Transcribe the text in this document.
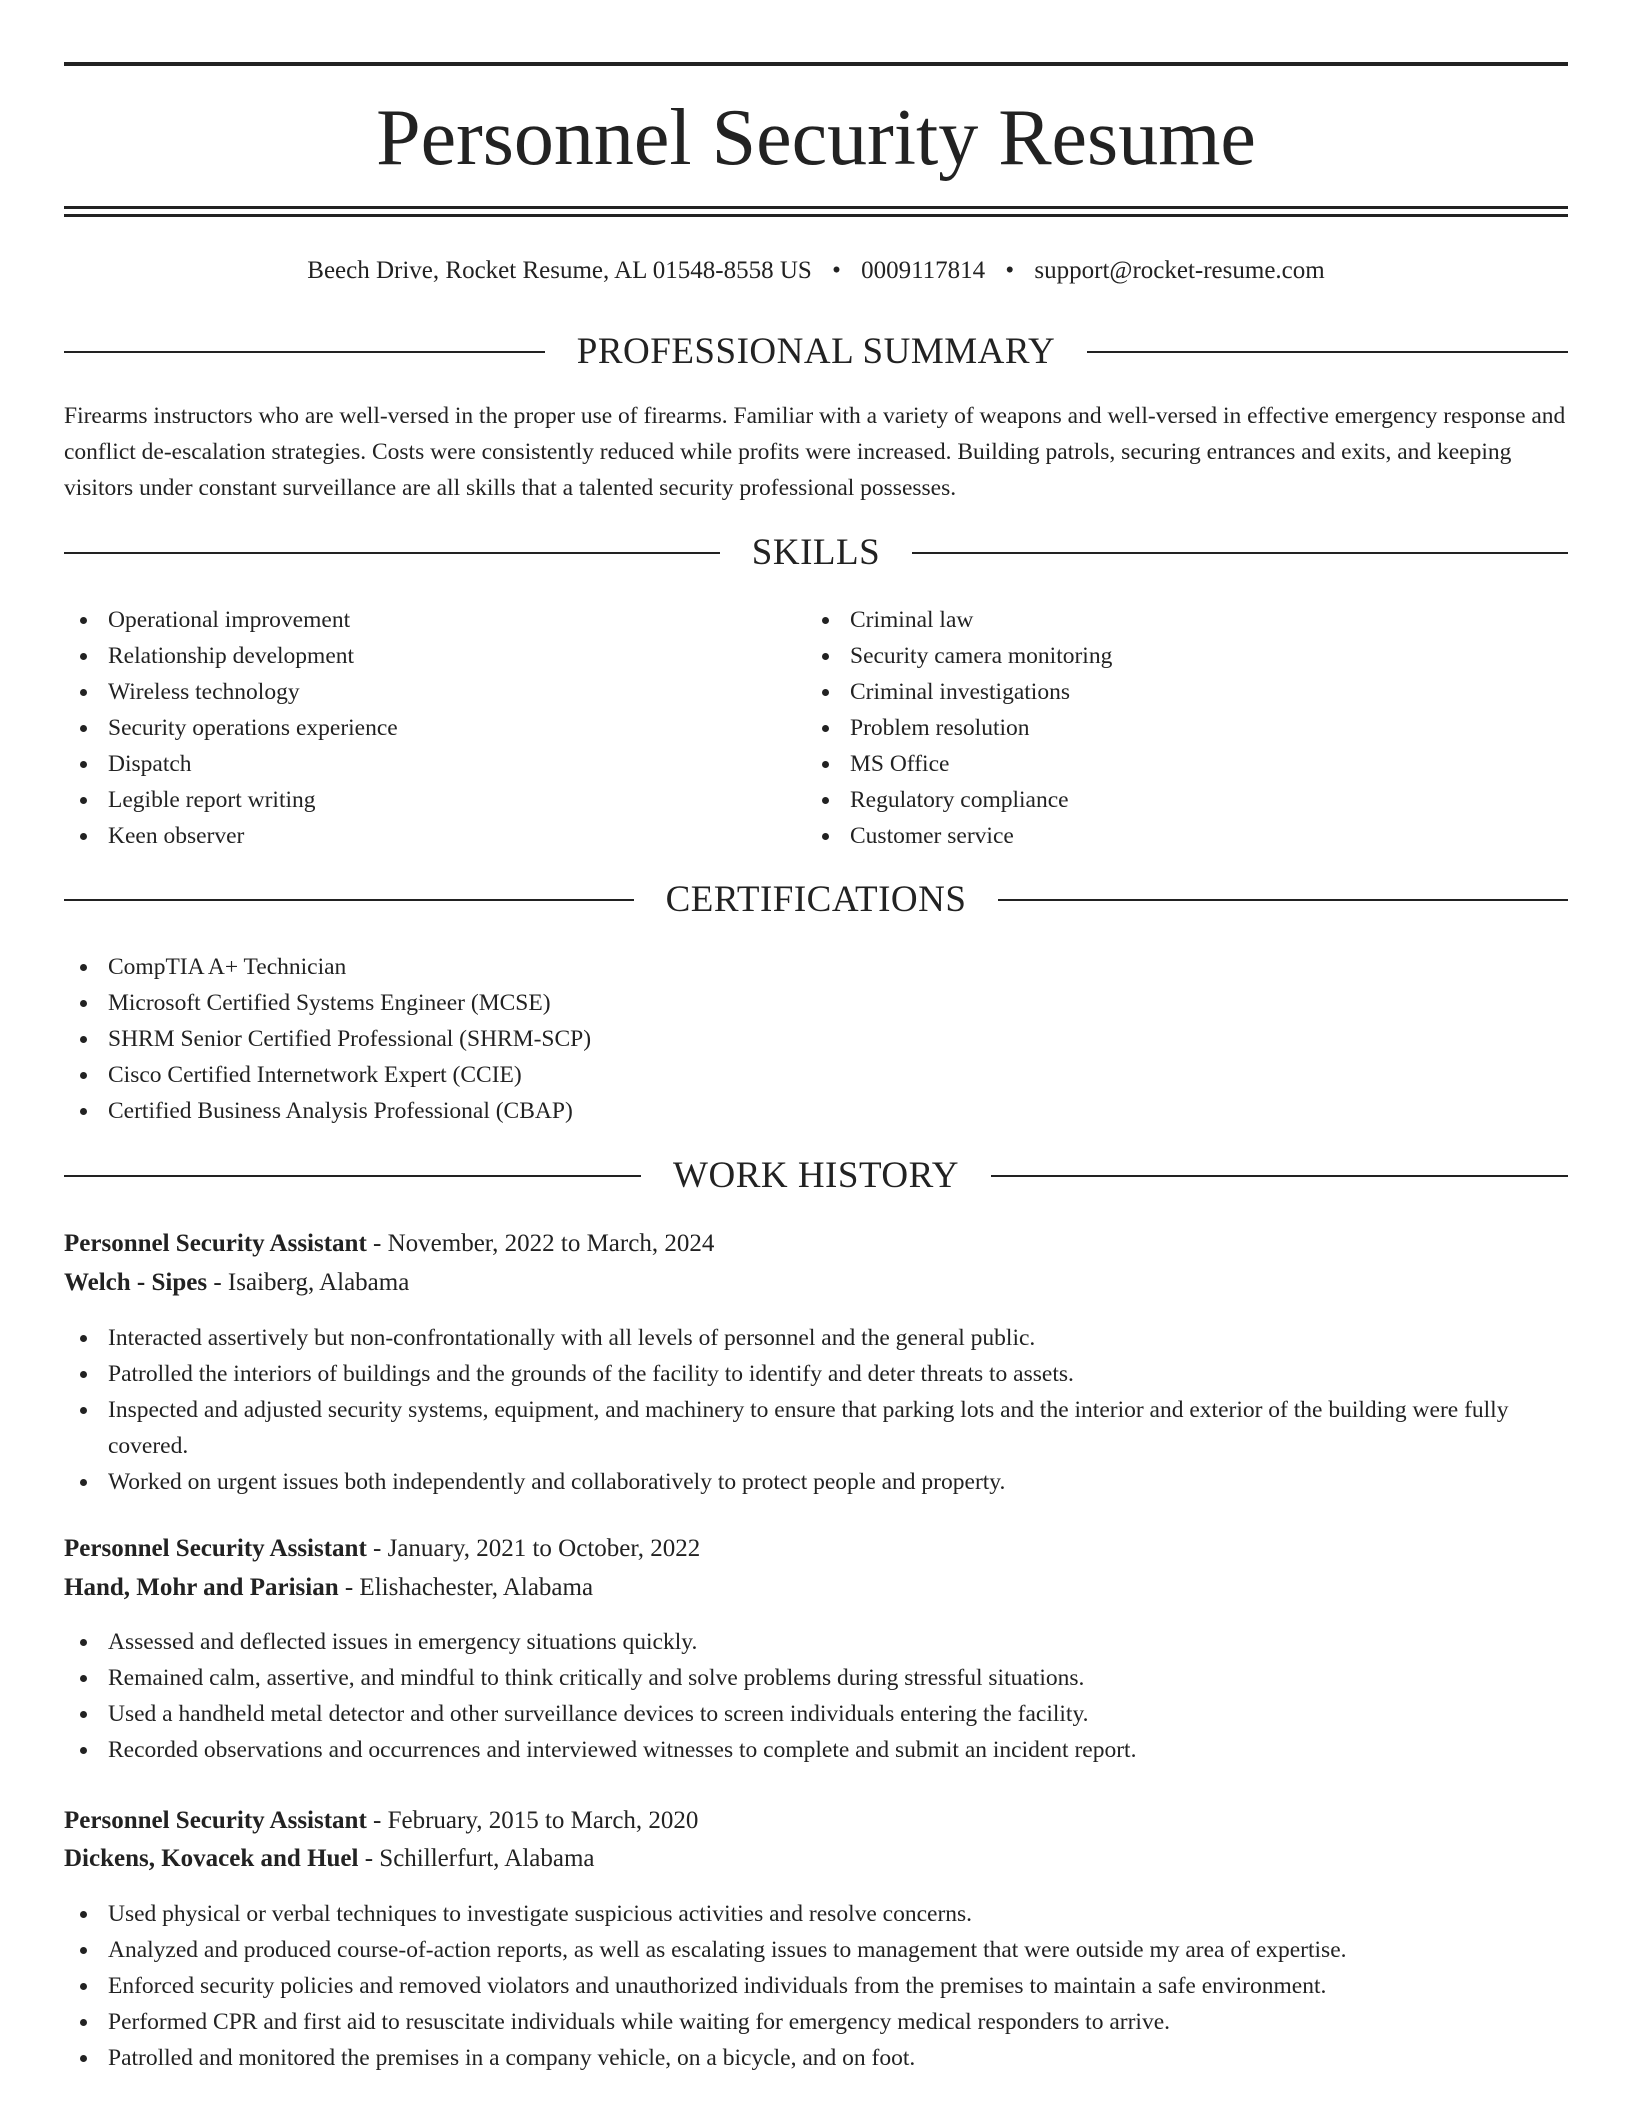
Personnel Security Resume
Beech Drive, Rocket Resume, AL 01548-8558 US • 0009117814 • support@rocket-resume.com
PROFESSIONAL SUMMARY
Firearms instructors who are well-versed in the proper use of firearms. Familiar with a variety of weapons and well-versed in effective emergency response and conflict de-escalation strategies. Costs were consistently reduced while profits were increased. Building patrols, securing entrances and exits, and keeping visitors under constant surveillance are all skills that a talented security professional possesses.
SKILLS
Operational improvement
Relationship development
Wireless technology
Security operations experience
Dispatch
Legible report writing
Keen observer
Criminal law
Security camera monitoring
Criminal investigations
Problem resolution
MS Office
Regulatory compliance
Customer service
CERTIFICATIONS
CompTIA A+ Technician
Microsoft Certified Systems Engineer (MCSE)
SHRM Senior Certified Professional (SHRM-SCP)
Cisco Certified Internetwork Expert (CCIE)
Certified Business Analysis Professional (CBAP)
WORK HISTORY
Personnel Security Assistant - November, 2022 to March, 2024
Welch - Sipes - Isaiberg, Alabama
Interacted assertively but non-confrontationally with all levels of personnel and the general public.
Patrolled the interiors of buildings and the grounds of the facility to identify and deter threats to assets.
Inspected and adjusted security systems, equipment, and machinery to ensure that parking lots and the interior and exterior of the building were fully covered.
Worked on urgent issues both independently and collaboratively to protect people and property.
Personnel Security Assistant - January, 2021 to October, 2022
Hand, Mohr and Parisian - Elishachester, Alabama
Assessed and deflected issues in emergency situations quickly.
Remained calm, assertive, and mindful to think critically and solve problems during stressful situations.
Used a handheld metal detector and other surveillance devices to screen individuals entering the facility.
Recorded observations and occurrences and interviewed witnesses to complete and submit an incident report.
Personnel Security Assistant - February, 2015 to March, 2020
Dickens, Kovacek and Huel - Schillerfurt, Alabama
Used physical or verbal techniques to investigate suspicious activities and resolve concerns.
Analyzed and produced course-of-action reports, as well as escalating issues to management that were outside my area of expertise.
Enforced security policies and removed violators and unauthorized individuals from the premises to maintain a safe environment.
Performed CPR and first aid to resuscitate individuals while waiting for emergency medical responders to arrive.
Patrolled and monitored the premises in a company vehicle, on a bicycle, and on foot.
